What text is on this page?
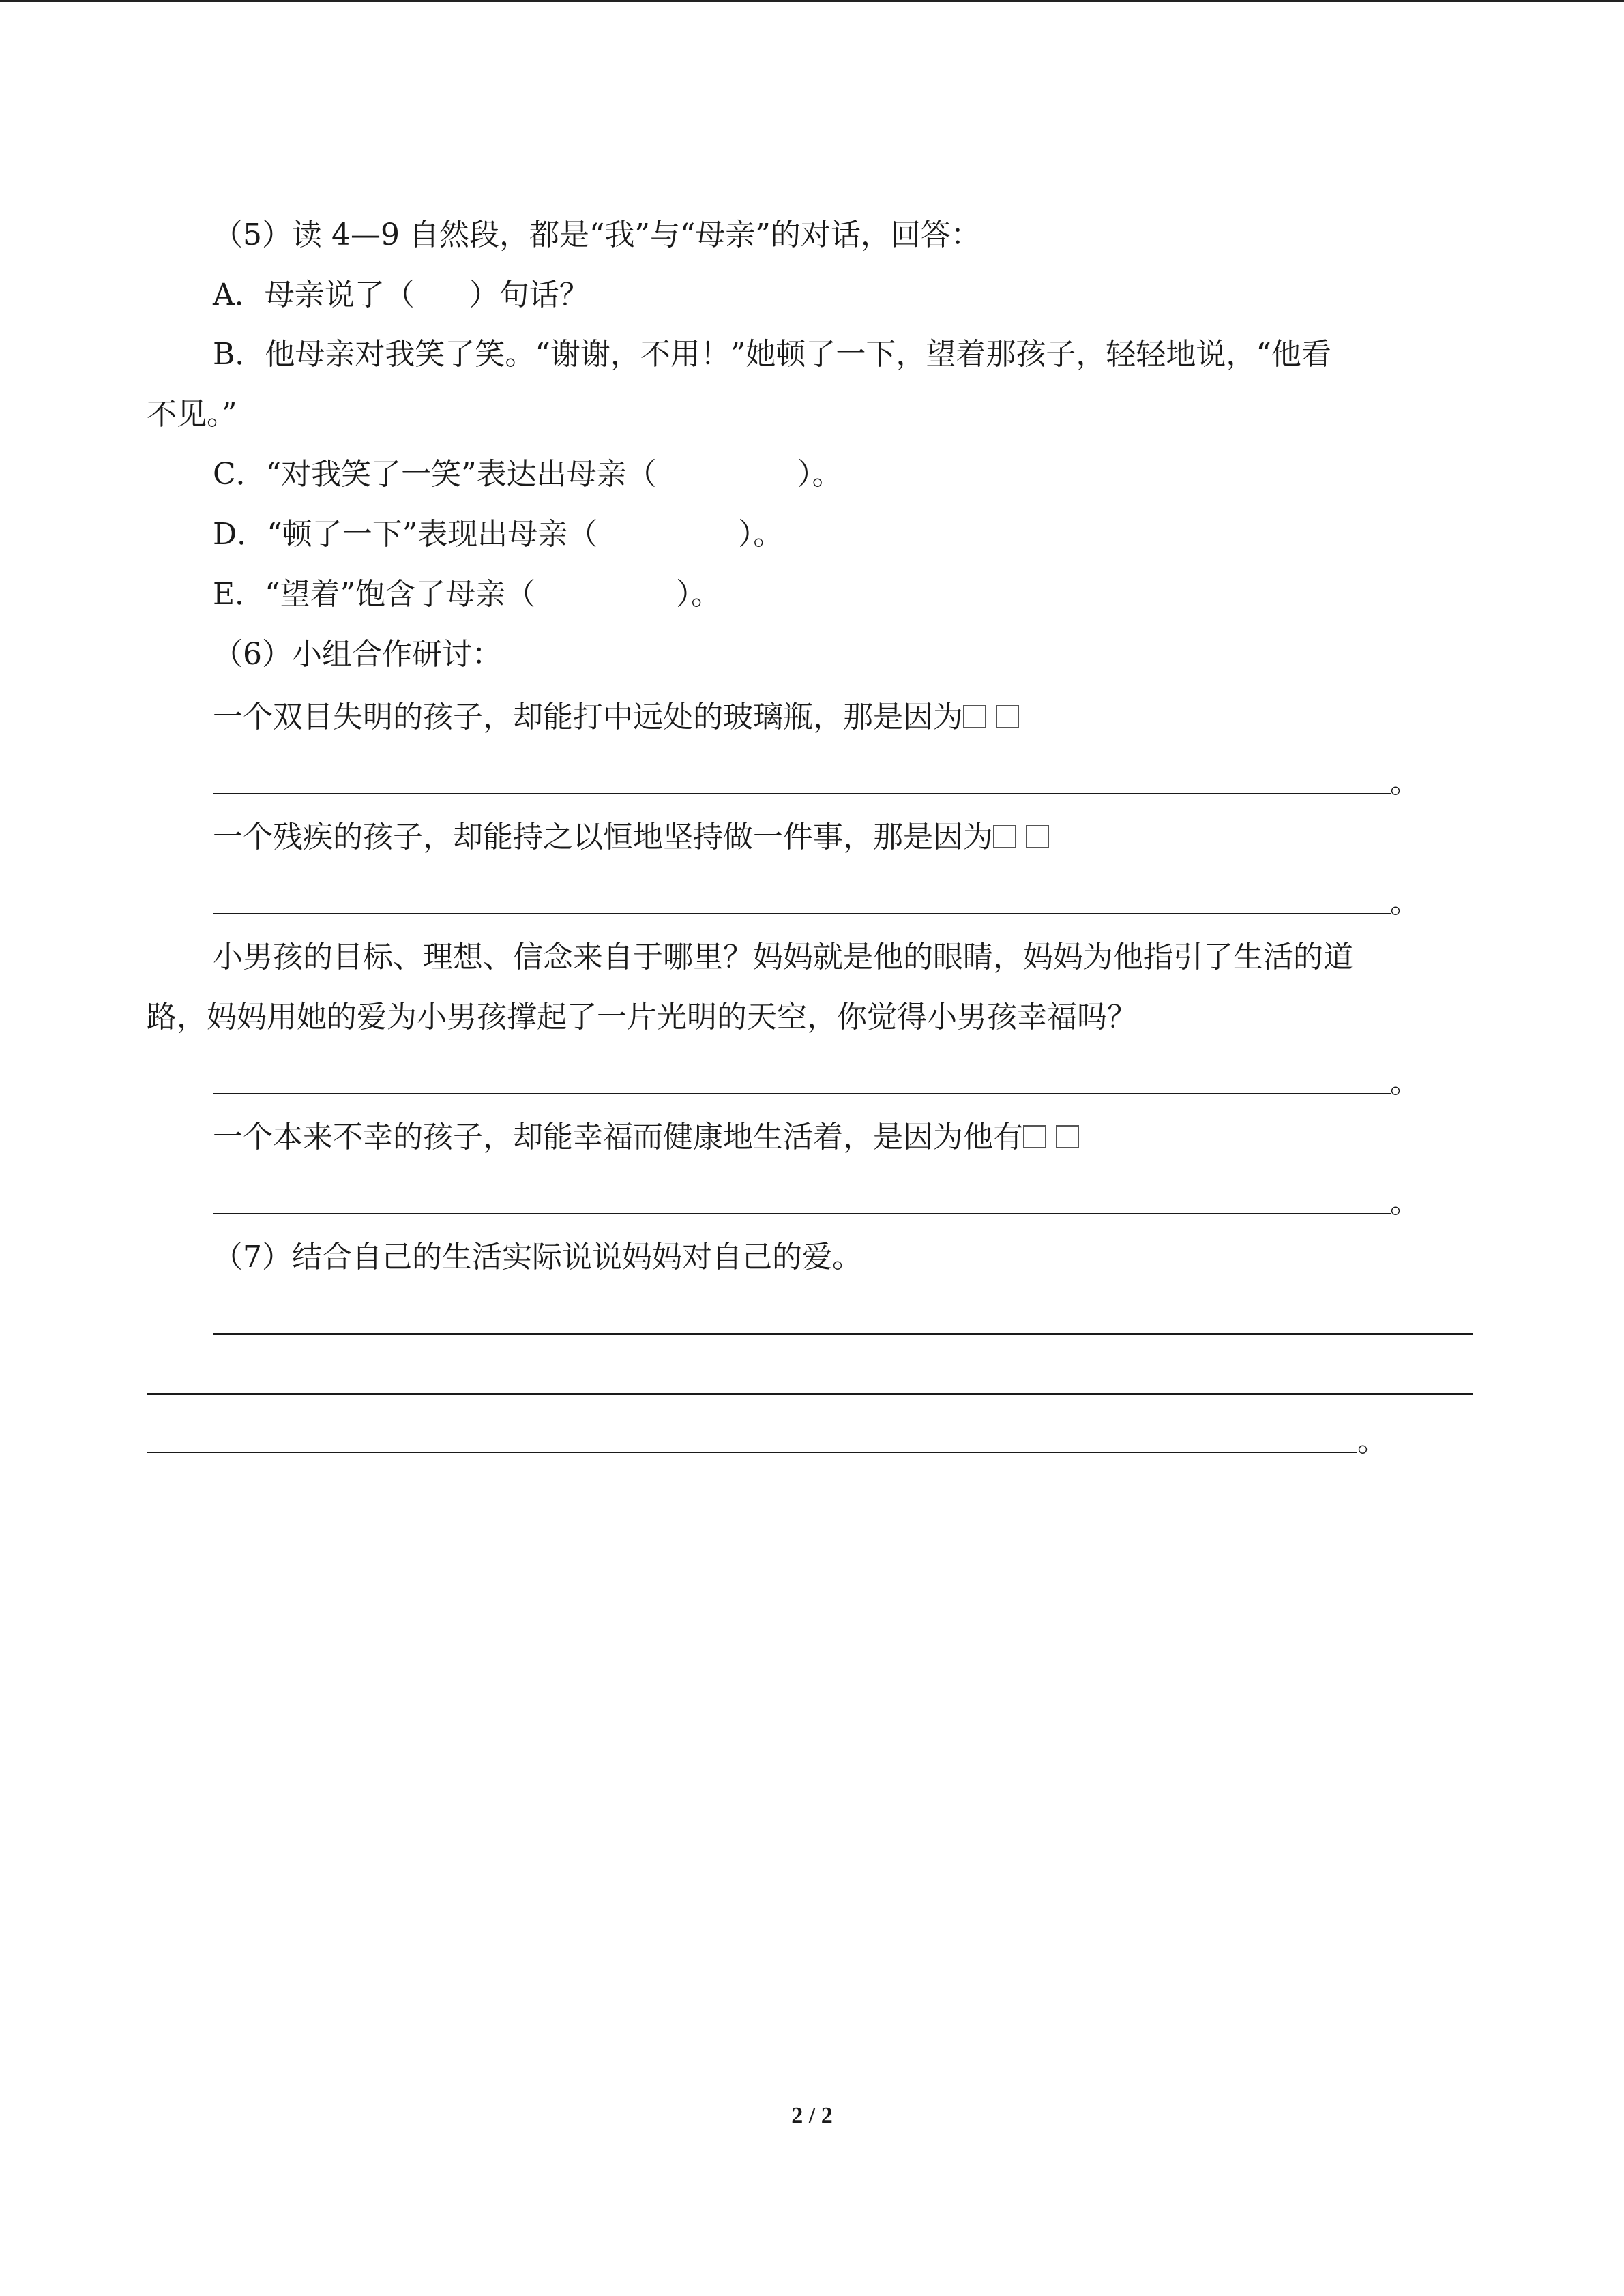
（5）读 4—9 自然段，都是“我”与“母亲”的对话，回答：
A．母亲说了（ ）句话？
B．他母亲对我笑了笑。“谢谢，不用！”她顿了一下，望着那孩子，轻轻地说，“他看
不见。”
C．“对我笑了一笑”表达出母亲（	）。
D．“顿了一下”表现出母亲（	）。
E．“望着”饱含了母亲（	）。
（6）小组合作研讨：
一个双目失明的孩子，却能打中远处的玻璃瓶，那是因为
。
一个残疾的孩子，却能持之以恒地坚持做一件事，那是因为
。
小男孩的目标、理想、信念来自于哪里？妈妈就是他的眼睛，妈妈为他指引了生活的道
路，妈妈用她的爱为小男孩撑起了一片光明的天空，你觉得小男孩幸福吗？
。
一个本来不幸的孩子，却能幸福而健康地生活着，是因为他有
。
（7）结合自己的生活实际说说妈妈对自己的爱。
。
2 / 2
